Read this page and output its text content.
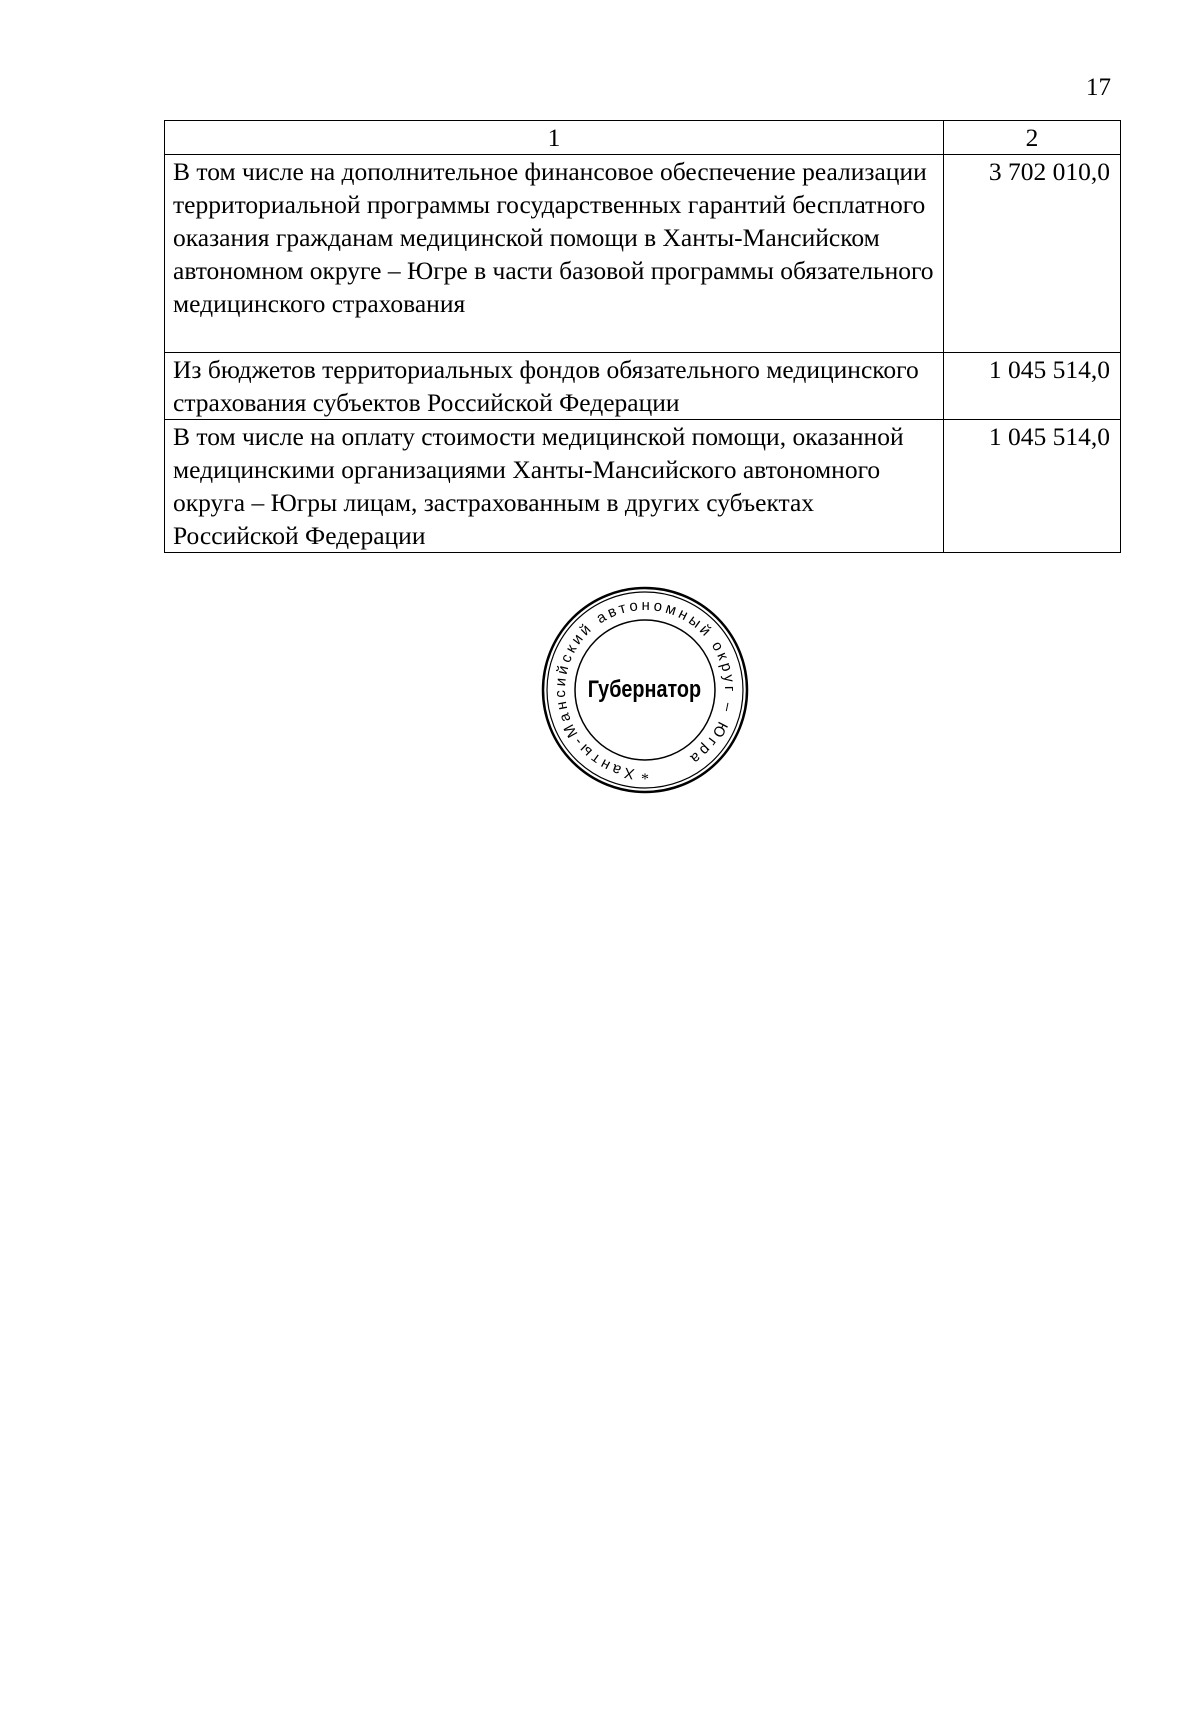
17
1	2
В том числе на дополнительное финансовое обеспечение реализации территориальной программы государственных гарантий бесплатного оказания гражданам медицинской помощи в Ханты-Мансийском автономном округе – Югре в части базовой программы обязательного медицинского страхования	3 702 010,0
Из бюджетов территориальных фондов обязательного медицинского страхования субъектов Российской Федерации	1 045 514,0
В том числе на оплату стоимости медицинской помощи, оказанной медицинскими организациями Ханты-Мансийского автономного округа – Югры лицам, застрахованным в других субъектах Российской Федерации	1 045 514,0
Ханты-Мансийский автономный округ – Югра
Губернатор
*
